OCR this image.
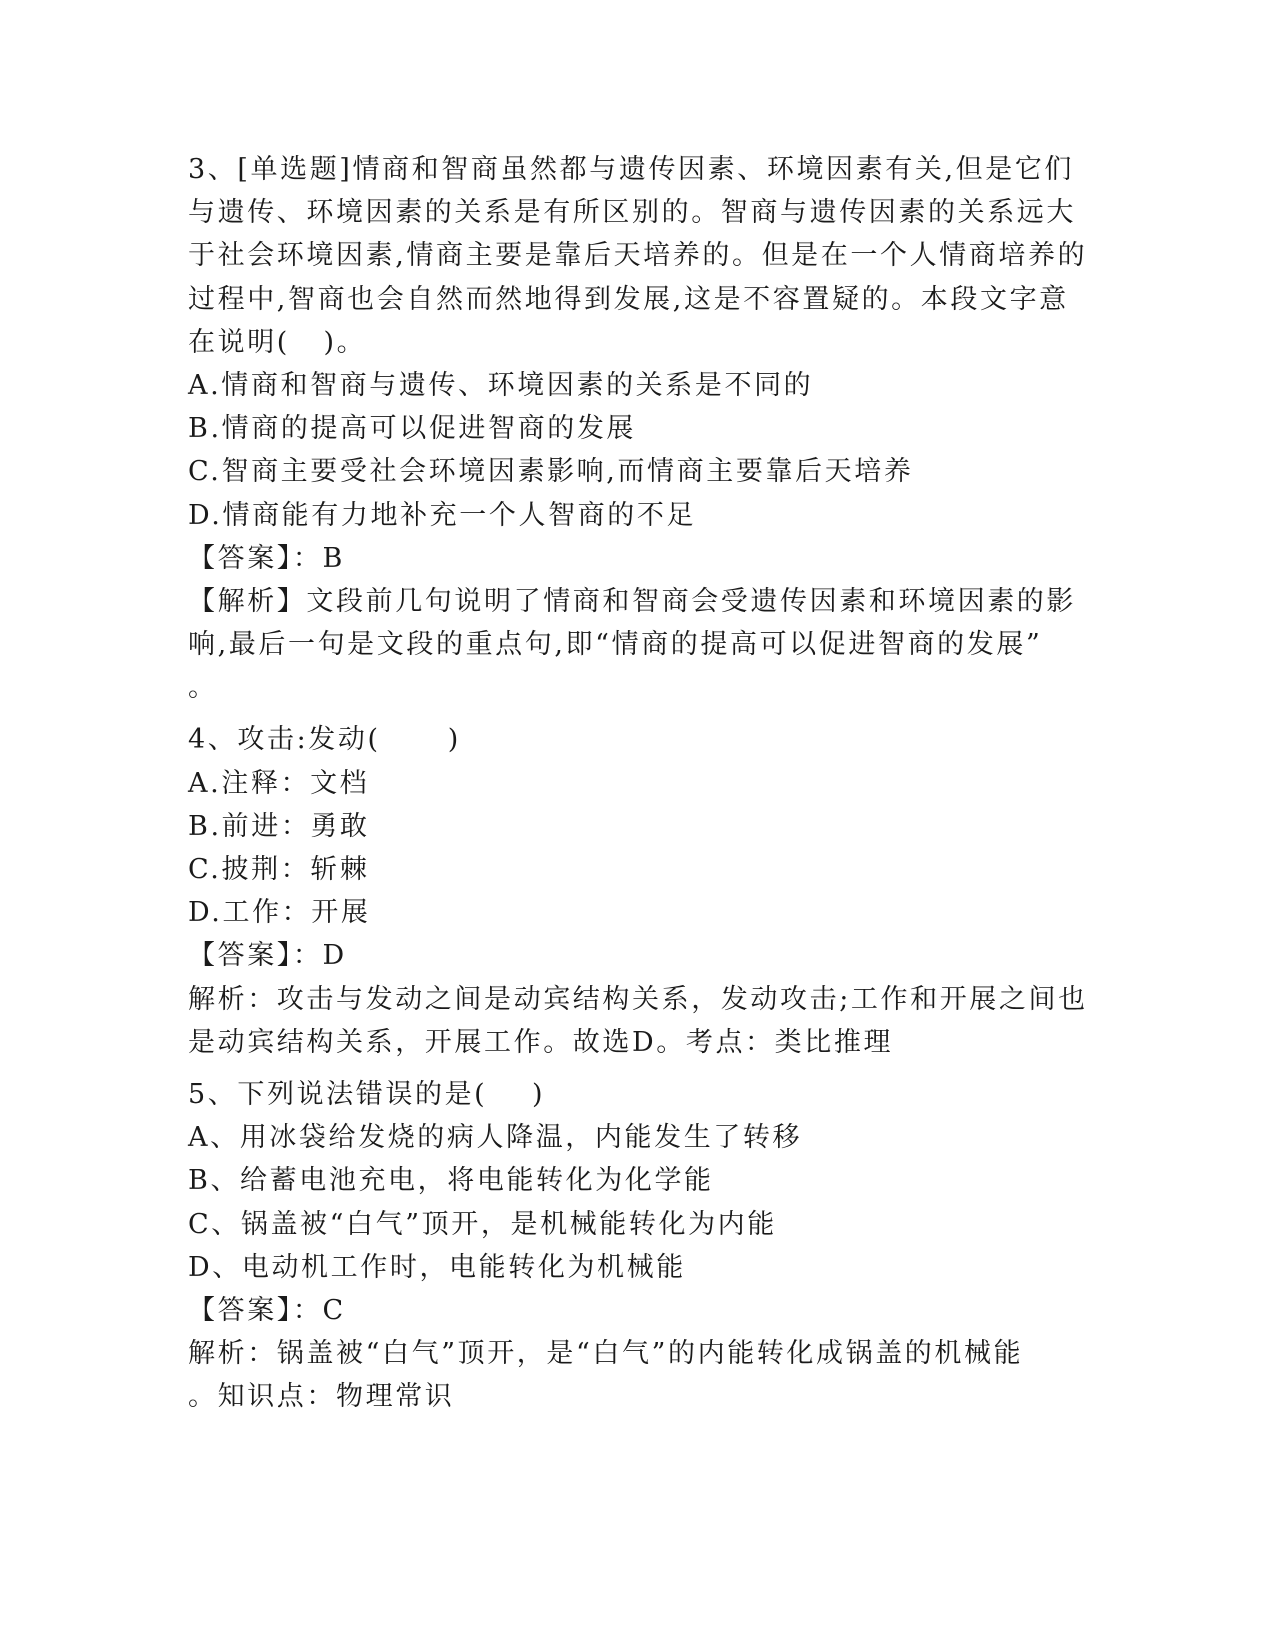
3、[单选题]情商和智商虽然都与遗传因素、环境因素有关,但是它们
与遗传、环境因素的关系是有所区别的。智商与遗传因素的关系远大
于社会环境因素,情商主要是靠后天培养的。但是在一个人情商培养的
过程中,智商也会自然而然地得到发展,这是不容置疑的。本段文字意
在说明(   )。
A.情商和智商与遗传、环境因素的关系是不同的
B.情商的提高可以促进智商的发展
C.智商主要受社会环境因素影响,而情商主要靠后天培养
D.情商能有力地补充一个人智商的不足
【答案】：B
【解析】文段前几句说明了情商和智商会受遗传因素和环境因素的影
响,最后一句是文段的重点句,即“情商的提高可以促进智商的发展”
。
4、攻击:发动(      )
A.注释：文档
B.前进：勇敢
C.披荆：斩棘
D.工作：开展
【答案】：D
解析：攻击与发动之间是动宾结构关系，发动攻击;工作和开展之间也
是动宾结构关系，开展工作。故选D。考点：类比推理
5、下列说法错误的是(    )
A、用冰袋给发烧的病人降温，内能发生了转移
B、给蓄电池充电，将电能转化为化学能
C、锅盖被“白气”顶开，是机械能转化为内能
D、电动机工作时，电能转化为机械能
【答案】：C
解析：锅盖被“白气”顶开，是“白气”的内能转化成锅盖的机械能
。知识点：物理常识
